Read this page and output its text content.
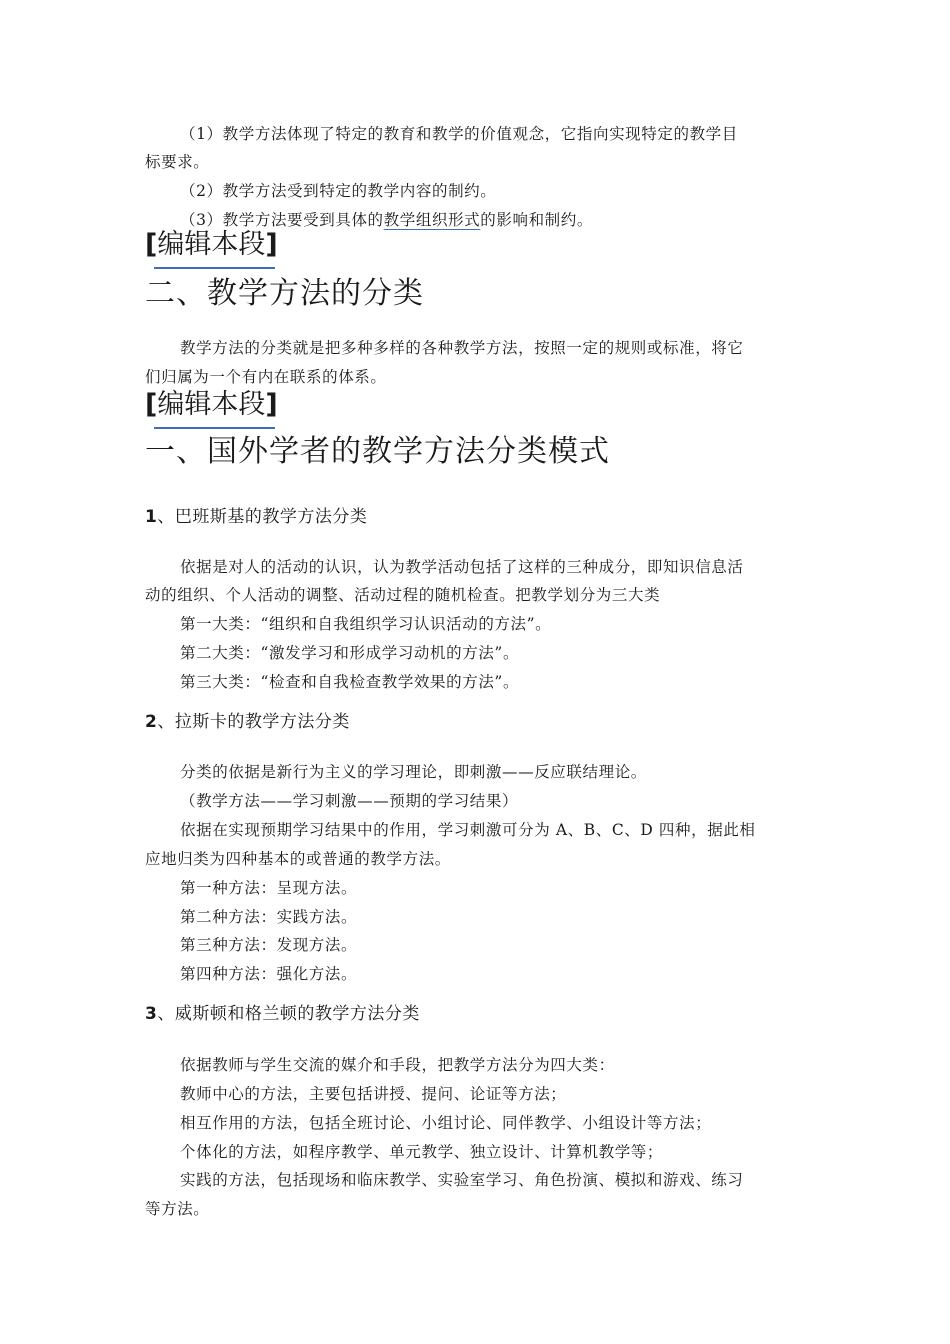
（1）教学方法体现了特定的教育和教学的价值观念，它指向实现特定的教学目
标要求。
（2）教学方法受到特定的教学内容的制约。
（3）教学方法要受到具体的教学组织形式的影响和制约。
[编辑本段]
二、教学方法的分类
教学方法的分类就是把多种多样的各种教学方法，按照一定的规则或标准，将它
们归属为一个有内在联系的体系。
[编辑本段]
一、国外学者的教学方法分类模式
1、巴班斯基的教学方法分类
依据是对人的活动的认识，认为教学活动包括了这样的三种成分，即知识信息活
动的组织、个人活动的调整、活动过程的随机检查。把教学划分为三大类
第一大类：“组织和自我组织学习认识活动的方法”。
第二大类：“激发学习和形成学习动机的方法”。
第三大类：“检查和自我检查教学效果的方法”。
2、拉斯卡的教学方法分类
分类的依据是新行为主义的学习理论，即刺激——反应联结理论。
（教学方法——学习刺激——预期的学习结果）
依据在实现预期学习结果中的作用，学习刺激可分为 A、B、C、D 四种，据此相
应地归类为四种基本的或普通的教学方法。
第一种方法：呈现方法。
第二种方法：实践方法。
第三种方法：发现方法。
第四种方法：强化方法。
3、威斯顿和格兰顿的教学方法分类
依据教师与学生交流的媒介和手段，把教学方法分为四大类：
教师中心的方法，主要包括讲授、提问、论证等方法；
相互作用的方法，包括全班讨论、小组讨论、同伴教学、小组设计等方法；
个体化的方法，如程序教学、单元教学、独立设计、计算机教学等；
实践的方法，包括现场和临床教学、实验室学习、角色扮演、模拟和游戏、练习
等方法。
